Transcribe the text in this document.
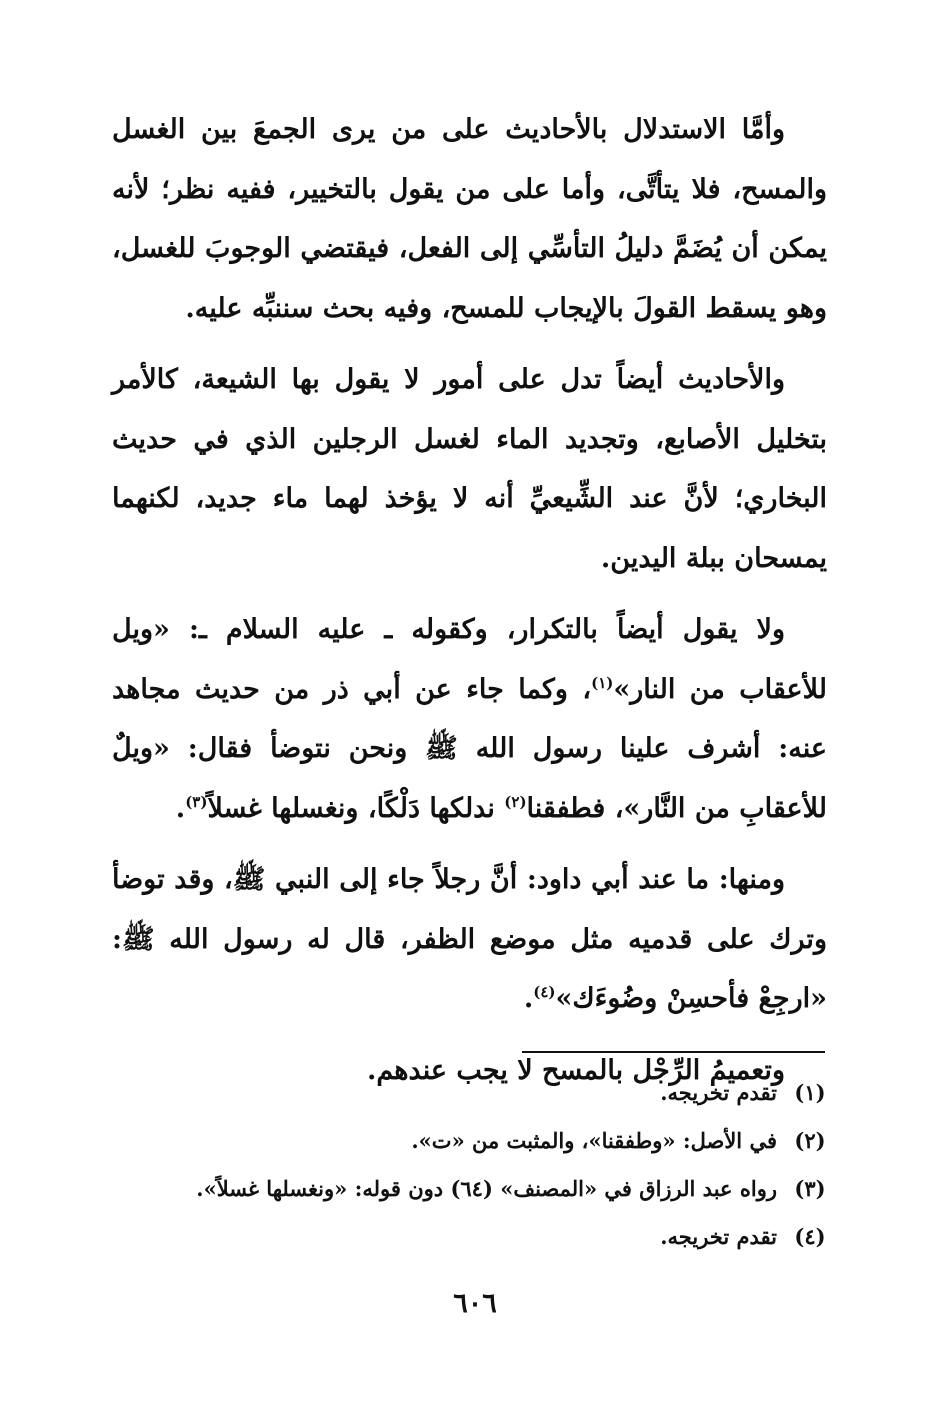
وأمَّا الاستدلال بالأحاديث على من يرى الجمعَ بين الغسل والمسح، فلا يتأتَّى، وأما على من يقول بالتخيير، ففيه نظر؛ لأنه يمكن أن يُضَمَّ دليلُ التأسِّي إلى الفعل، فيقتضي الوجوبَ للغسل، وهو يسقط القولَ بالإيجاب للمسح، وفيه بحث سننبِّه عليه.

والأحاديث أيضاً تدل على أمور لا يقول بها الشيعة، كالأمر بتخليل الأصابع، وتجديد الماء لغسل الرجلين الذي في حديث البخاري؛ لأنَّ عند الشِّيعيِّ أنه لا يؤخذ لهما ماء جديد، لكنهما يمسحان ببلة اليدين.

ولا يقول أيضاً بالتكرار، وكقوله ـ عليه السلام ـ: «ويل للأعقاب من النار»$^{(١)}$، وكما جاء عن أبي ذر من حديث مجاهد عنه: أشرف علينا رسول الله ﷺ ونحن نتوضأ فقال: «ويلٌ للأعقابِ من النَّار»، فطفقنا$^{(٢)}$ ندلكها دَلْكًا، ونغسلها غسلاً$^{(٣)}$.

ومنها: ما عند أبي داود: أنَّ رجلاً جاء إلى النبي ﷺ، وقد توضأ وترك على قدميه مثل موضع الظفر، قال له رسول الله ﷺ: «ارجِعْ فأحسِنْ وضُوءَك»$^{(٤)}$.

وتعميمُ الرِّجْل بالمسح لا يجب عندهم.

(١)
تقدم تخريجه.
(٢)
في الأصل: «وطفقنا»، والمثبت من «ت».
(٣)
رواه عبد الرزاق في «المصنف» (٦٤) دون قوله: «ونغسلها غسلاً».
(٤)
تقدم تخريجه.
٦٠٦
